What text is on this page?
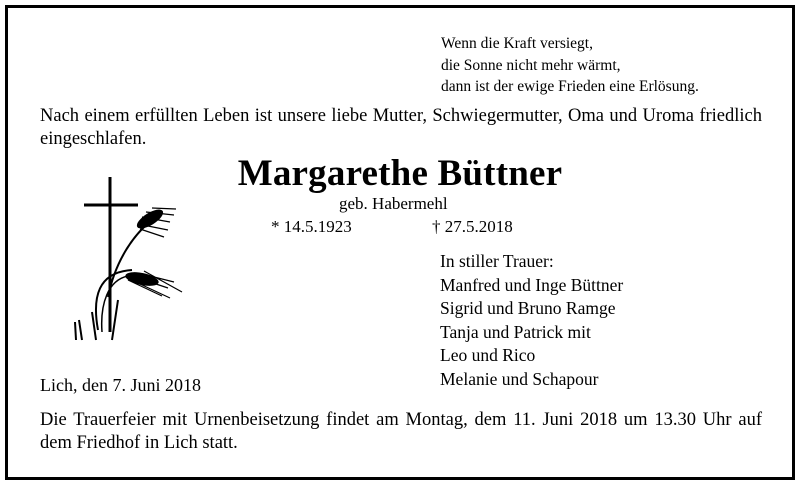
Wenn die Kraft versiegt,
die Sonne nicht mehr wärmt,
dann ist der ewige Frieden eine Erlösung.
Nach einem erfüllten Leben ist unsere liebe Mutter, Schwiegermutter, Oma und Uroma friedlich eingeschlafen.
Margarethe Büttner
geb. Habermehl
* 14.5.1923	† 27.5.2018
In stiller Trauer:
Manfred und Inge Büttner
Sigrid und Bruno Ramge
Tanja und Patrick mit
Leo und Rico
Melanie und Schapour
Lich, den 7. Juni 2018
Die Trauerfeier mit Urnenbeisetzung findet am Montag, dem 11. Juni 2018 um 13.30 Uhr auf dem Friedhof in Lich statt.
